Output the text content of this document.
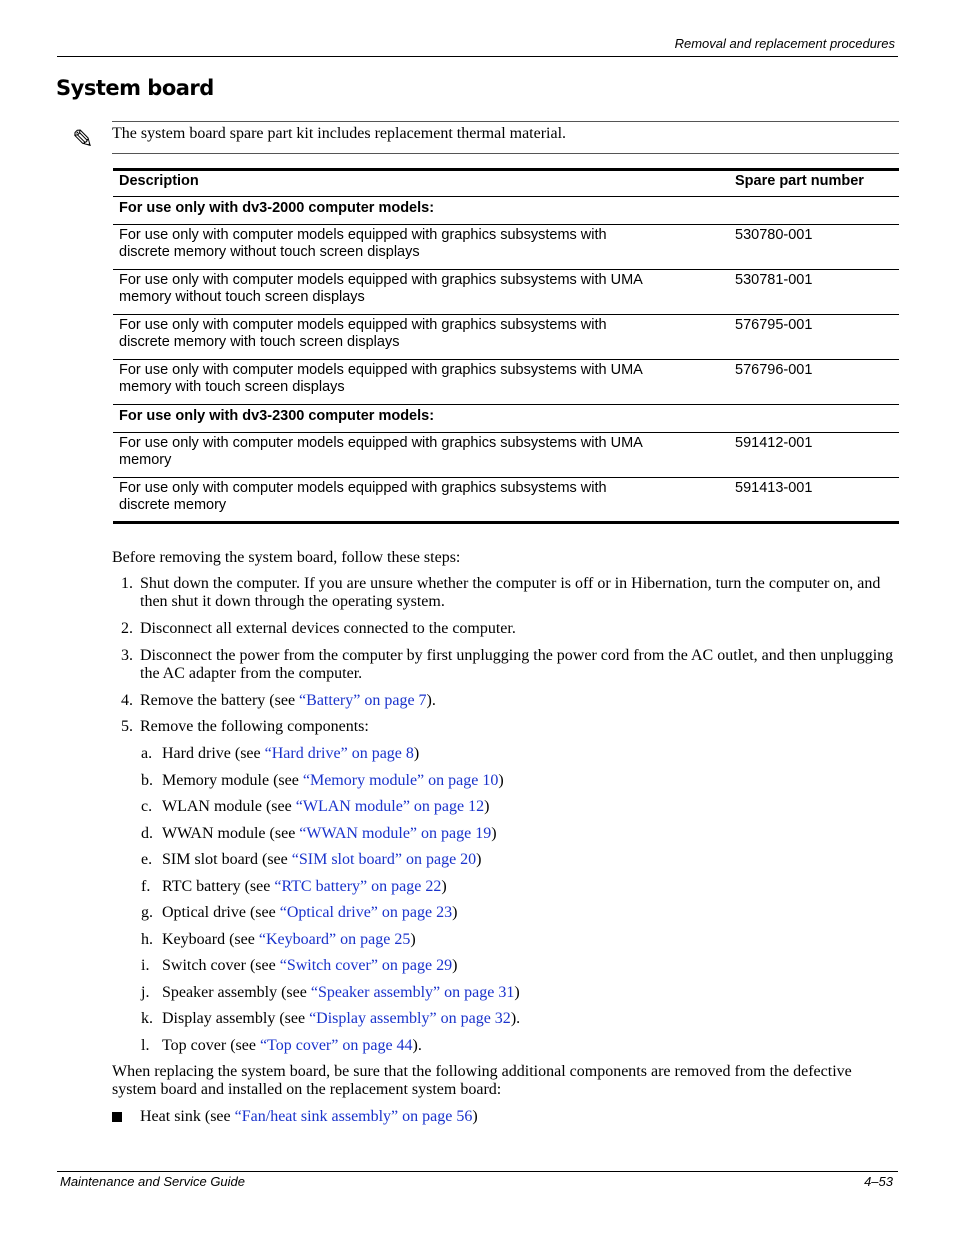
Removal and replacement procedures
System board
✎ The system board spare part kit includes replacement thermal material.
Description	Spare part number
For use only with dv3-2000 computer models:	

For use only with computer models equipped with graphics subsystems with discrete memory without touch screen displays	530780-001

For use only with computer models equipped with graphics subsystems with UMA memory without touch screen displays	530781-001

For use only with computer models equipped with graphics subsystems with discrete memory with touch screen displays	576795-001

For use only with computer models equipped with graphics subsystems with UMA memory with touch screen displays	576796-001
For use only with dv3-2300 computer models:	

For use only with computer models equipped with graphics subsystems with UMA memory	591412-001

For use only with computer models equipped with graphics subsystems with discrete memory	591413-001
Before removing the system board, follow these steps:
1. Shut down the computer. If you are unsure whether the computer is off or in Hibernation, turn the computer on, and then shut it down through the operating system.
2. Disconnect all external devices connected to the computer.
3. Disconnect the power from the computer by first unplugging the power cord from the AC outlet, and then unplugging the AC adapter from the computer.
4. Remove the battery (see “Battery” on page 7).
5. Remove the following components:
a. Hard drive (see “Hard drive” on page 8)
b. Memory module (see “Memory module” on page 10)
c. WLAN module (see “WLAN module” on page 12)
d. WWAN module (see “WWAN module” on page 19)
e. SIM slot board (see “SIM slot board” on page 20)
f. RTC battery (see “RTC battery” on page 22)
g. Optical drive (see “Optical drive” on page 23)
h. Keyboard (see “Keyboard” on page 25)
i. Switch cover (see “Switch cover” on page 29)
j. Speaker assembly (see “Speaker assembly” on page 31)
k. Display assembly (see “Display assembly” on page 32).
l. Top cover (see “Top cover” on page 44).
When replacing the system board, be sure that the following additional components are removed from the defective system board and installed on the replacement system board:
Heat sink (see “Fan/heat sink assembly” on page 56)
Maintenance and Service Guide	4–53
